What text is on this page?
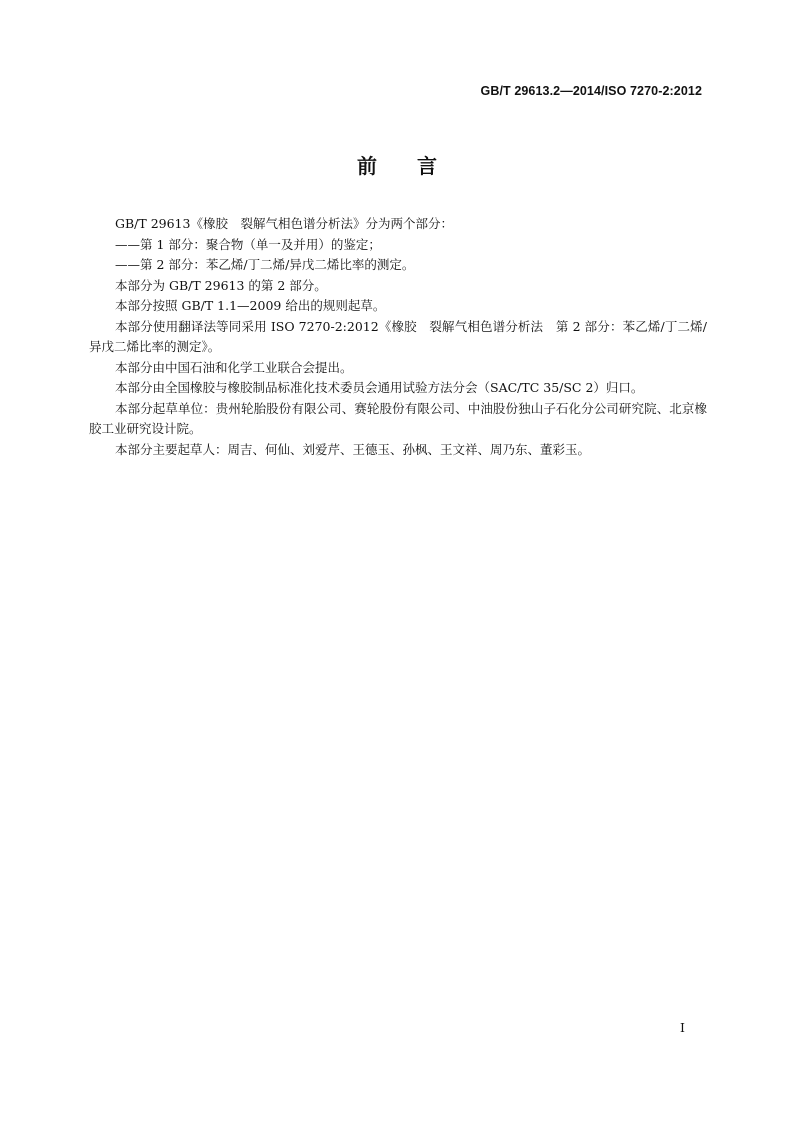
GB/T 29613.2—2014/ISO 7270-2:2012
前言

GB/T 29613《橡胶　裂解气相色谱分析法》分为两个部分：

——第 1 部分：聚合物（单一及并用）的鉴定；

——第 2 部分：苯乙烯/丁二烯/异戊二烯比率的测定。

本部分为 GB/T 29613 的第 2 部分。

本部分按照 GB/T 1.1—2009 给出的规则起草。

本部分使用翻译法等同采用 ISO 7270-2:2012《橡胶　裂解气相色谱分析法　第 2 部分：苯乙烯/丁二烯/异戊二烯比率的测定》。

本部分由中国石油和化学工业联合会提出。

本部分由全国橡胶与橡胶制品标准化技术委员会通用试验方法分会（SAC/TC 35/SC 2）归口。

本部分起草单位：贵州轮胎股份有限公司、赛轮股份有限公司、中油股份独山子石化分公司研究院、北京橡胶工业研究设计院。

本部分主要起草人：周吉、何仙、刘爱芹、王德玉、孙枫、王文祥、周乃东、董彩玉。

I
